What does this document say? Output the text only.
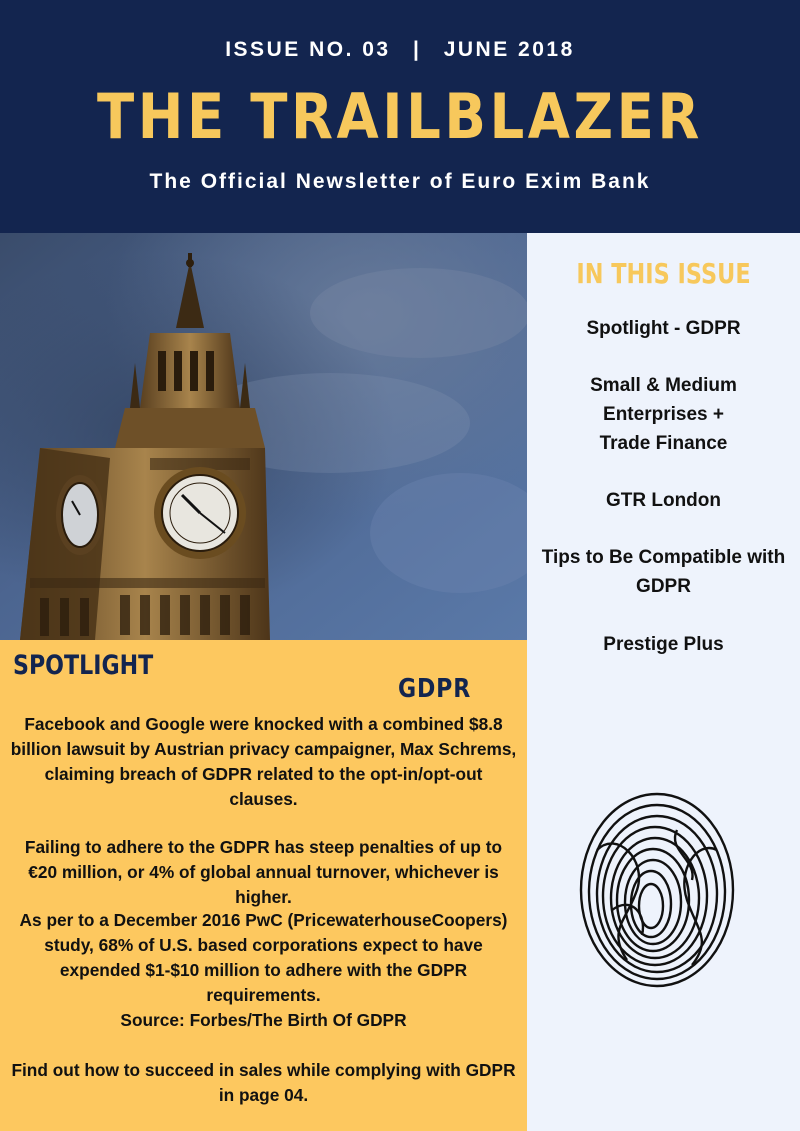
ISSUE NO. 03 | JUNE 2018
THE TRAILBLAZER
The Official Newsletter of Euro Exim Bank
IN THIS ISSUE
Spotlight - GDPR
Small & Medium Enterprises + Trade Finance
GTR London
Tips to Be Compatible with GDPR
Prestige Plus
SPOTLIGHT
GDPR
Facebook and Google were knocked with a combined $8.8 billion lawsuit by Austrian privacy campaigner, Max Schrems, claiming breach of GDPR related to the opt-in/opt-out clauses.
Failing to adhere to the GDPR has steep penalties of up to €20 million, or 4% of global annual turnover, whichever is higher.
As per to a December 2016 PwC (PricewaterhouseCoopers) study, 68% of U.S. based corporations expect to have expended $1-$10 million to adhere with the GDPR requirements.
Source: Forbes/The Birth Of GDPR
Find out how to succeed in sales while complying with GDPR in page 04.
